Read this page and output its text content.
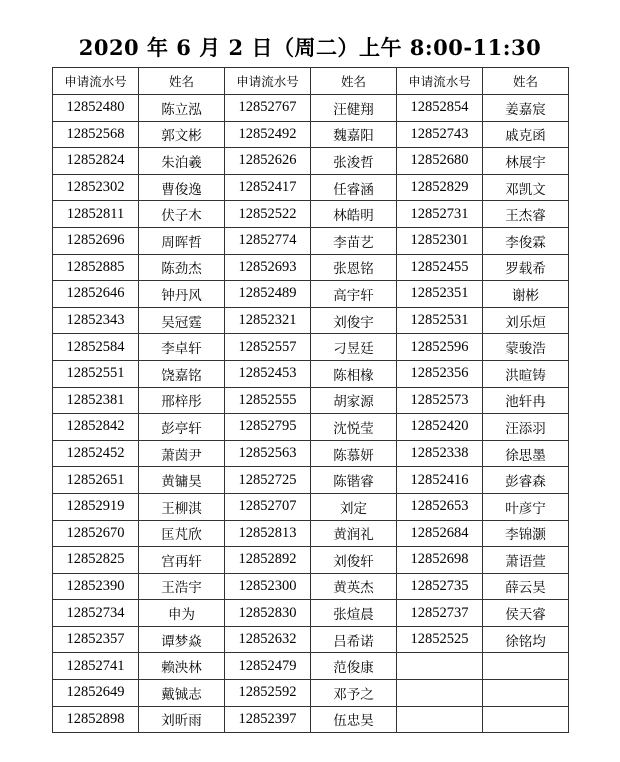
2020 年 6 月 2 日（周二）上午 8:00-11:30
申请流水号	姓名	申请流水号	姓名	申请流水号	姓名
12852480	陈立泓	12852767	汪健翔	12852854	姜嘉宸
12852568	郭文彬	12852492	魏嘉阳	12852743	戚克函
12852824	朱泊羲	12852626	张浚哲	12852680	林展宇
12852302	曹俊逸	12852417	任睿涵	12852829	邓凯文
12852811	伏子木	12852522	林皓明	12852731	王杰睿
12852696	周晖哲	12852774	李苗艺	12852301	李俊霖
12852885	陈劲杰	12852693	张恩铭	12852455	罗载希
12852646	钟丹风	12852489	高宇轩	12852351	谢彬
12852343	吴冠霆	12852321	刘俊宇	12852531	刘乐烜
12852584	李卓轩	12852557	刁昱廷	12852596	蒙骏浩
12852551	饶嘉铭	12852453	陈相椽	12852356	洪暄铸
12852381	邢梓彤	12852555	胡家源	12852573	池轩冉
12852842	彭亭轩	12852795	沈悦莹	12852420	汪添羽
12852452	萧茵尹	12852563	陈慕妍	12852338	徐思墨
12852651	黄镛昊	12852725	陈锴睿	12852416	彭睿森
12852919	王柳淇	12852707	刘定	12852653	叶彦宁
12852670	匡芃欣	12852813	黄润礼	12852684	李锦灏
12852825	宫再轩	12852892	刘俊轩	12852698	萧语萱
12852390	王浩宇	12852300	黄英杰	12852735	薛云昊
12852734	申为	12852830	张煊晨	12852737	侯天睿
12852357	谭梦焱	12852632	吕希诺	12852525	徐铭均
12852741	赖泱林	12852479	范俊康		
12852649	戴铖志	12852592	邓予之		
12852898	刘昕雨	12852397	伍忠昊		
